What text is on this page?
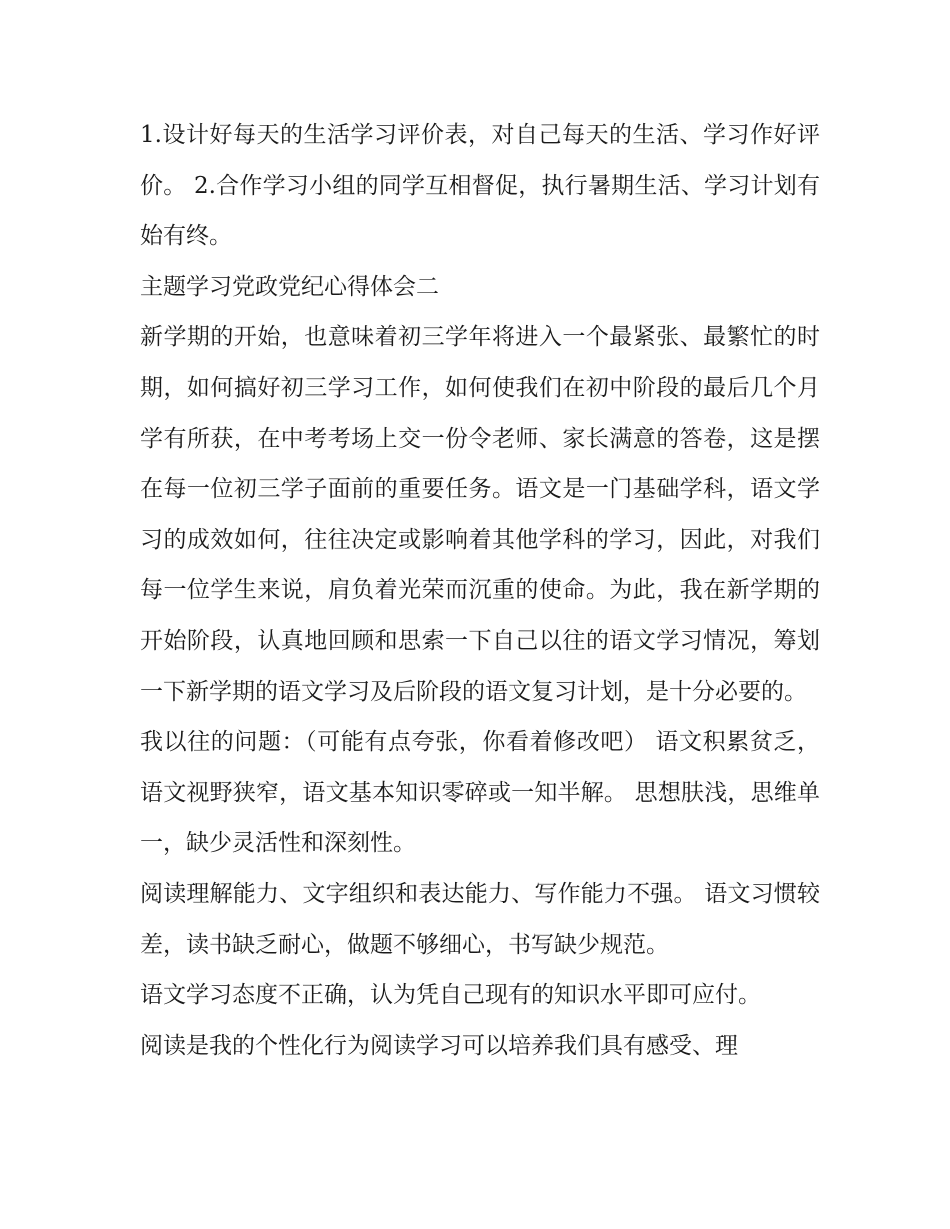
1.设计好每天的生活学习评价表，对自己每天的生活、学习作好评价。 2.合作学习小组的同学互相督促，执行暑期生活、学习计划有始有终。

主题学习党政党纪心得体会二

新学期的开始，也意味着初三学年将进入一个最紧张、最繁忙的时期，如何搞好初三学习工作，如何使我们在初中阶段的最后几个月学有所获，在中考考场上交一份令老师、家长满意的答卷，这是摆在每一位初三学子面前的重要任务。语文是一门基础学科，语文学习的成效如何，往往决定或影响着其他学科的学习，因此，对我们每一位学生来说，肩负着光荣而沉重的使命。为此，我在新学期的开始阶段，认真地回顾和思索一下自己以往的语文学习情况，筹划一下新学期的语文学习及后阶段的语文复习计划，是十分必要的。

我以往的问题：（可能有点夸张，你看着修改吧） 语文积累贫乏，语文视野狭窄，语文基本知识零碎或一知半解。 思想肤浅，思维单一，缺少灵活性和深刻性。

阅读理解能力、文字组织和表达能力、写作能力不强。 语文习惯较差，读书缺乏耐心，做题不够细心，书写缺少规范。

语文学习态度不正确，认为凭自己现有的知识水平即可应付。

阅读是我的个性化行为阅读学习可以培养我们具有感受、理
